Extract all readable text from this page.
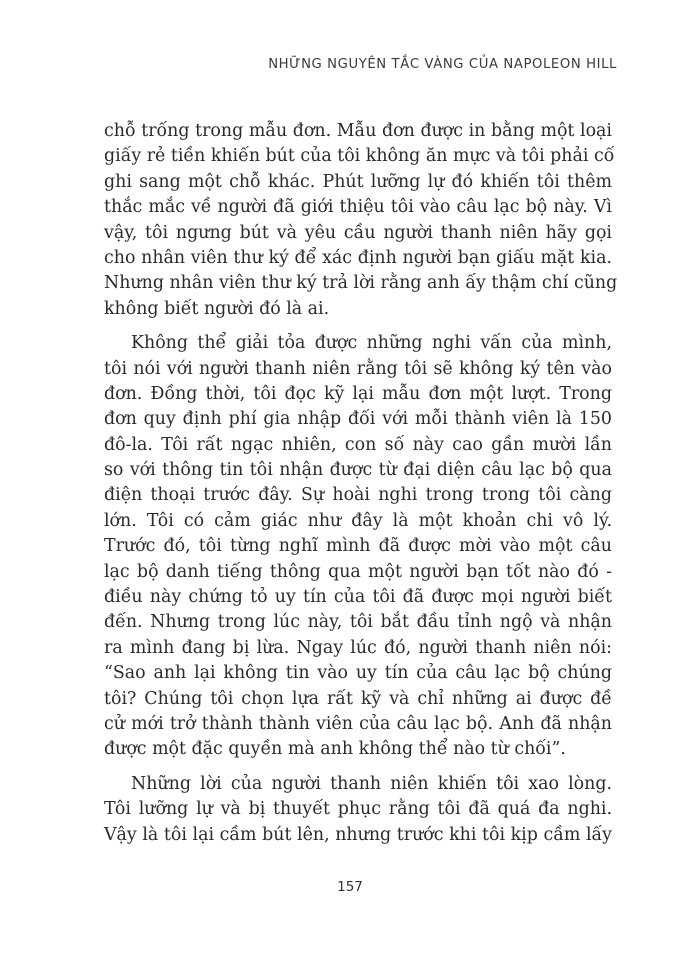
NHỮNG NGUYÊN TẮC VÀNG CỦA NAPOLEON HILL

chỗ trống trong mẫu đơn. Mẫu đơn được in bằng một loại
giấy rẻ tiền khiến bút của tôi không ăn mực và tôi phải cố
ghi sang một chỗ khác. Phút lưỡng lự đó khiến tôi thêm
thắc mắc về người đã giới thiệu tôi vào câu lạc bộ này. Vì
vậy, tôi ngưng bút và yêu cầu người thanh niên hãy gọi
cho nhân viên thư ký để xác định người bạn giấu mặt kia.
Nhưng nhân viên thư ký trả lời rằng anh ấy thậm chí cũng
không biết người đó là ai.

Không thể giải tỏa được những nghi vấn của mình,
tôi nói với người thanh niên rằng tôi sẽ không ký tên vào
đơn. Đồng thời, tôi đọc kỹ lại mẫu đơn một lượt. Trong
đơn quy định phí gia nhập đối với mỗi thành viên là 150
đô-la. Tôi rất ngạc nhiên, con số này cao gần mười lần
so với thông tin tôi nhận được từ đại diện câu lạc bộ qua
điện thoại trước đây. Sự hoài nghi trong trong tôi càng
lớn. Tôi có cảm giác như đây là một khoản chi vô lý.
Trước đó, tôi từng nghĩ mình đã được mời vào một câu
lạc bộ danh tiếng thông qua một người bạn tốt nào đó -
điều này chứng tỏ uy tín của tôi đã được mọi người biết
đến. Nhưng trong lúc này, tôi bắt đầu tỉnh ngộ và nhận
ra mình đang bị lừa. Ngay lúc đó, người thanh niên nói:
“Sao anh lại không tin vào uy tín của câu lạc bộ chúng
tôi? Chúng tôi chọn lựa rất kỹ và chỉ những ai được đề
cử mới trở thành thành viên của câu lạc bộ. Anh đã nhận
được một đặc quyền mà anh không thể nào từ chối”.

Những lời của người thanh niên khiến tôi xao lòng.
Tôi lưỡng lự và bị thuyết phục rằng tôi đã quá đa nghi.
Vậy là tôi lại cầm bút lên, nhưng trước khi tôi kịp cầm lấy

157
